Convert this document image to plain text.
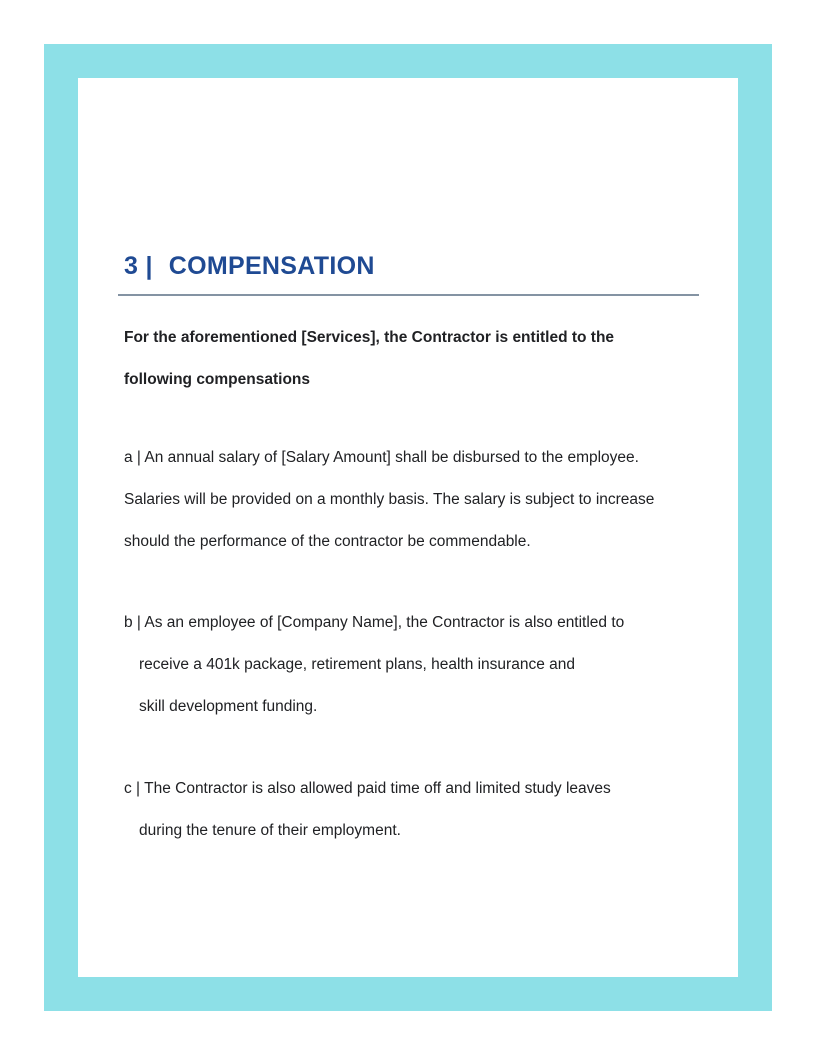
3 | COMPENSATION

For the aforementioned [Services], the Contractor is entitled to the
following compensations

a | An annual salary of [Salary Amount] shall be disbursed to the employee.
Salaries will be provided on a monthly basis. The salary is subject to increase
should the performance of the contractor be commendable.

b | As an employee of [Company Name], the Contractor is also entitled to
receive a 401k package, retirement plans, health insurance and
skill development funding.

c | The Contractor is also allowed paid time off and limited study leaves
during the tenure of their employment.
